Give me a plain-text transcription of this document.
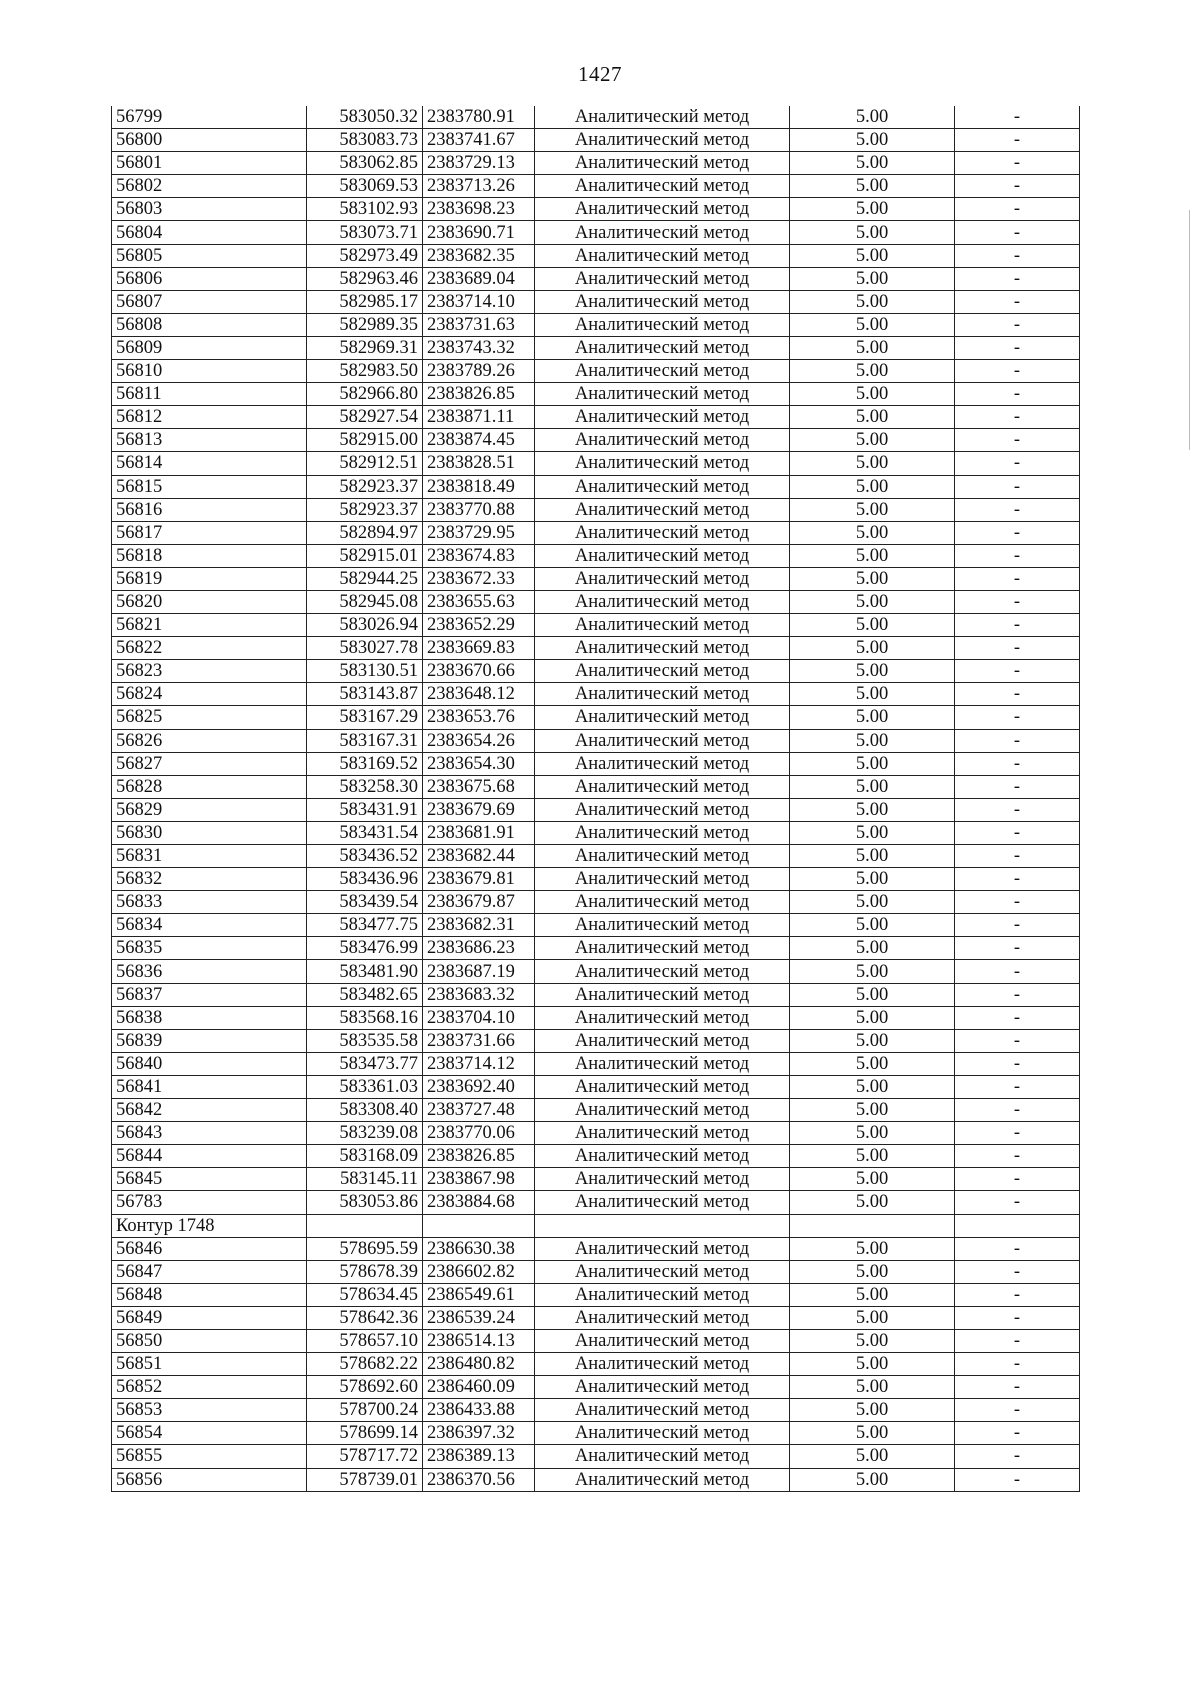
1427
56799	583050.32	2383780.91	Аналитический метод	5.00	-
56800	583083.73	2383741.67	Аналитический метод	5.00	-
56801	583062.85	2383729.13	Аналитический метод	5.00	-
56802	583069.53	2383713.26	Аналитический метод	5.00	-
56803	583102.93	2383698.23	Аналитический метод	5.00	-
56804	583073.71	2383690.71	Аналитический метод	5.00	-
56805	582973.49	2383682.35	Аналитический метод	5.00	-
56806	582963.46	2383689.04	Аналитический метод	5.00	-
56807	582985.17	2383714.10	Аналитический метод	5.00	-
56808	582989.35	2383731.63	Аналитический метод	5.00	-
56809	582969.31	2383743.32	Аналитический метод	5.00	-
56810	582983.50	2383789.26	Аналитический метод	5.00	-
56811	582966.80	2383826.85	Аналитический метод	5.00	-
56812	582927.54	2383871.11	Аналитический метод	5.00	-
56813	582915.00	2383874.45	Аналитический метод	5.00	-
56814	582912.51	2383828.51	Аналитический метод	5.00	-
56815	582923.37	2383818.49	Аналитический метод	5.00	-
56816	582923.37	2383770.88	Аналитический метод	5.00	-
56817	582894.97	2383729.95	Аналитический метод	5.00	-
56818	582915.01	2383674.83	Аналитический метод	5.00	-
56819	582944.25	2383672.33	Аналитический метод	5.00	-
56820	582945.08	2383655.63	Аналитический метод	5.00	-
56821	583026.94	2383652.29	Аналитический метод	5.00	-
56822	583027.78	2383669.83	Аналитический метод	5.00	-
56823	583130.51	2383670.66	Аналитический метод	5.00	-
56824	583143.87	2383648.12	Аналитический метод	5.00	-
56825	583167.29	2383653.76	Аналитический метод	5.00	-
56826	583167.31	2383654.26	Аналитический метод	5.00	-
56827	583169.52	2383654.30	Аналитический метод	5.00	-
56828	583258.30	2383675.68	Аналитический метод	5.00	-
56829	583431.91	2383679.69	Аналитический метод	5.00	-
56830	583431.54	2383681.91	Аналитический метод	5.00	-
56831	583436.52	2383682.44	Аналитический метод	5.00	-
56832	583436.96	2383679.81	Аналитический метод	5.00	-
56833	583439.54	2383679.87	Аналитический метод	5.00	-
56834	583477.75	2383682.31	Аналитический метод	5.00	-
56835	583476.99	2383686.23	Аналитический метод	5.00	-
56836	583481.90	2383687.19	Аналитический метод	5.00	-
56837	583482.65	2383683.32	Аналитический метод	5.00	-
56838	583568.16	2383704.10	Аналитический метод	5.00	-
56839	583535.58	2383731.66	Аналитический метод	5.00	-
56840	583473.77	2383714.12	Аналитический метод	5.00	-
56841	583361.03	2383692.40	Аналитический метод	5.00	-
56842	583308.40	2383727.48	Аналитический метод	5.00	-
56843	583239.08	2383770.06	Аналитический метод	5.00	-
56844	583168.09	2383826.85	Аналитический метод	5.00	-
56845	583145.11	2383867.98	Аналитический метод	5.00	-
56783	583053.86	2383884.68	Аналитический метод	5.00	-
Контур 1748					
56846	578695.59	2386630.38	Аналитический метод	5.00	-
56847	578678.39	2386602.82	Аналитический метод	5.00	-
56848	578634.45	2386549.61	Аналитический метод	5.00	-
56849	578642.36	2386539.24	Аналитический метод	5.00	-
56850	578657.10	2386514.13	Аналитический метод	5.00	-
56851	578682.22	2386480.82	Аналитический метод	5.00	-
56852	578692.60	2386460.09	Аналитический метод	5.00	-
56853	578700.24	2386433.88	Аналитический метод	5.00	-
56854	578699.14	2386397.32	Аналитический метод	5.00	-
56855	578717.72	2386389.13	Аналитический метод	5.00	-
56856	578739.01	2386370.56	Аналитический метод	5.00	-
